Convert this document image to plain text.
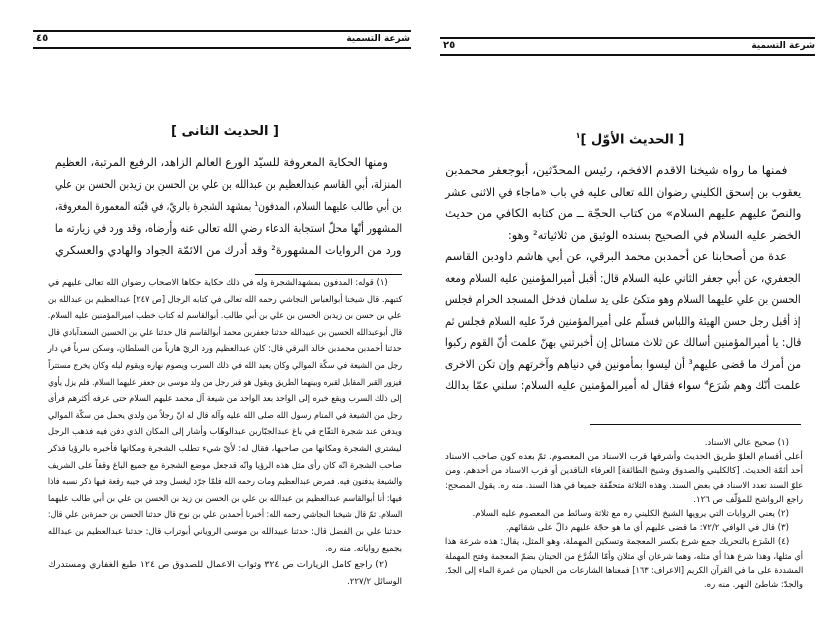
٤٥	شرعة التسمية
[ الحديث الثانى ]
ومنها الحكاية المعروفة للسيّد الورع العالم الزاهد، الرفيع المرتبة، العظيم
المنزلة، أبي القاسم عبدالعظيم بن عبدالله بن علي بن الحسن بن زيدبن الحسن بن علي
بن أبي طالب عليهما السلام، المدفون¹ بمشهد الشجرة بالريّ، في قبّته المعمورة المعروفة،
المشهور أنّها محلّ استجابة الدعاء رضي الله تعالى عنه وأرضاه، وقد ورد في زيارته ما
ورد من الروايات المشهورة² وقد أدرك من الائمّة الجواد والهادي والعسكري
(١) قوله: المدفون بمشهدالشجرة وله في ذلك حكاية حكاها الاصحاب رضوان الله تعالى عليهم في
كتبهم. قال شيخنا أبوالعباس النجاشي رحمه الله تعالى في كتابه الرجال [ص ٢٤٧] عبدالعظيم بن عبدالله بن
علي بن حسن بن زيدبن الحسن بن علي بن أبي طالب. أبوالقاسم له كتاب خطب اميرالمؤمنين عليه السلام.
قال أبوعبدالله الحسين بن عبيدالله حدثنا جعفربن محمد أبوالقاسم قال حدثنا علي بن الحسين السعدآبادي قال
حدثنا أحمدبن محمدبن خالد البرقي قال: كان عبدالعظيم ورد الريّ هارباً من السلطان، وسكن سرباً في دار
رجل من الشيعة في سكّة الموالي وكان يعبد الله في ذلك السرب ويصوم نهاره ويقوم ليله وكان يخرج مستتراً
فيزور القبر المقابل لقبره وبينهما الطريق ويقول هو قبر رجل من ولد موسى بن جعفر عليهما السلام. فلم يزل يأوي
إلى ذلك السرب ويقع خبره إلى الواحد بعد الواحد من شيعة آل محمد عليهم السلام حتى عرفه أكثرهم فرأى
رجل من الشيعة في المنام رسول الله صلى الله عليه وآله قال له انّ رجلاً من ولدي يحمل من سكّة الموالي
ويدفن عند شجرة التفّاح في باغ عبدالجبّاربن عبدالوهّاب وأشار إلى المكان الذي دفن فيه فذهب الرجل
ليشتري الشجرة ومكانها من صاحبها، فقال له: لأيّ شيء تطلب الشجرة ومكانها فأخبره بالرؤيا فذكر
صاحب الشجرة انّه كان رأى مثل هذه الرؤيا وانّه قدجعل موضع الشجرة مع جميع الباغ وقفاً على الشريف
والشيعة يدفنون فيه. فمرض عبدالعظيم ومات رحمه الله فلمّا جرّد ليغسل وجد في جيبه رقعة فيها ذكر نسبه فاذا
فيها: أنا أبوالقاسم عبدالعظيم بن عبدالله بن علي بن الحسن بن زيد بن الحسن بن علي بن أبي طالب عليهما
السلام. ثمّ قال شيخنا النجاشي رحمه الله: أخبرنا أحمدبن علي بن نوح قال حدثنا الحسن بن حمزةبن علي قال:
حدثنا علي بن الفضل قال: حدثنا عبيدالله بن موسى الروياني أبوتراب قال: حدثنا عبدالعظيم بن عبدالله
بجميع رواياته. منه ره.
(٢) راجع كامل الزيارات ص ٣٢٤ وثواب الاعمال للصدوق ص ١٢٤ طبع الغفاري ومستدرك
الوسائل ٢٢٧/٢.
٢٥	شرعة التسمية
[ الحديث الأوّل ]$^١$
فمنها ما رواه شيخنا الاقدم الافخم، رئيس المحدّثين، أبوجعفر محمدبن
يعقوب بن إسحق الكليني رضوان الله تعالى عليه في باب «ماجاء في الاثنى عشر
والنصّ عليهم عليهم السلام» من كتاب الحجّة ــ من كتابه الكافي من حديث
الخضر عليه السلام في الصحيح بسنده الوثيق من ثلاثياته² وهو:
عدة من أصحابنا عن أحمدبن محمد البرقي، عن أبي هاشم داودبن القاسم
الجعفري، عن أبي جعفر الثاني عليه السلام قال: أقبل أميرالمؤمنين عليه السلام ومعه
الحسن بن علي عليهما السلام وهو متكئ على يد سلمان فدخل المسجد الحرام فجلس
إذ أقبل رجل حسن الهيئة واللباس فسلّم على أميرالمؤمنين فردّ عليه السلام فجلس ثم
قال: يا أميرالمؤمنين أسالك عن ثلاث مسائل إن أخبرتني بهنّ علمت أنّ القوم ركبوا
من أمرك ما قضى عليهم³ أن ليسوا بمأمونين في دنياهم وآخرتهم وإن تكن الاخرى
علمت أنّك وهم شَرَع⁴ سواء فقال له أميرالمؤمنين عليه السلام: سلني عمّا بدالك
(١) صحيح عالي الاسناد.
أعلى أقسام العلوّ طريق الحديث وأشرفها قرب الاسناد من المعصوم. ثمّ بعده كون صاحب الاسناد
أحد أئمّة الحديث. [كالكليني والصدوق وشيخ الطائفة] العرفاء الناقدين أو قرب الاسناد من أحدهم. ومن
علوّ السند تعدد الاسناد في بعض السند. وهذه الثلاثة متحقّقة جميعا في هذا السند. منه ره. يقول المصحح:
راجع الرواشح للمؤلّف ص ١٢٦.
(٢) يعني الروايات التي يرويها الشيخ الكليني ره مع ثلاثة وسائط من المعصوم عليه السلام.
(٣) قال في الوافي ٧٢/٢: ما قضى عليهم أي ما هو حجّة عليهم دالّ على شقائهم.
(٤) الشَرَع بالتحريك جمع شرع بكسر المعجمة وتسكين المهملة، وهو المثل، يقال: هذه شرعة هذا
أي مثلها، وهذا شرع هذا أي مثله، وهما شرعان أي مثلان وأمّا الشُرَّع من الحيتان بضمّ المعجمة وفتح المهملة
المشددة على ما في القرآن الكريم [الاعراف: ١٦٣] فمعناها الشارعات من الحيتان من غمرة الماء إلى الجدّ.
والجدّ: شاطئ النهر. منه ره.
